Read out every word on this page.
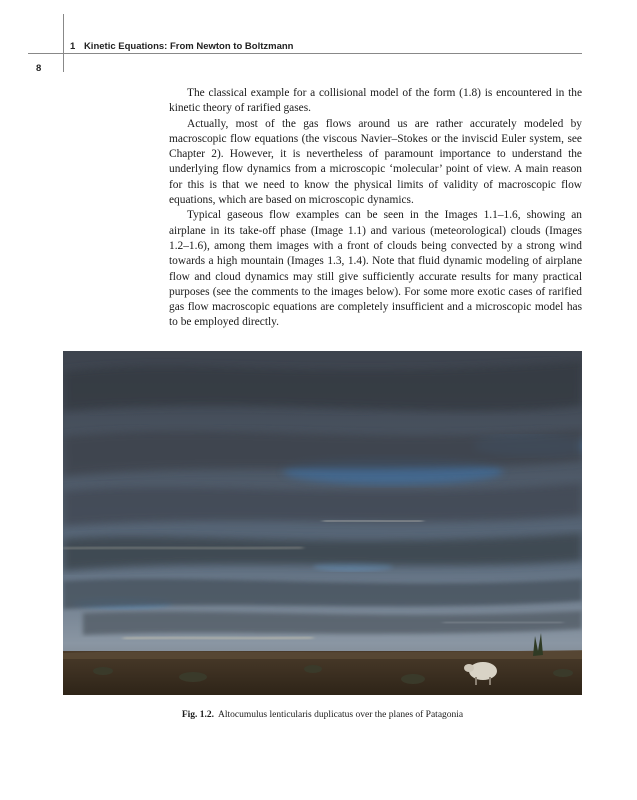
1 Kinetic Equations: From Newton to Boltzmann
8

The classical example for a collisional model of the form (1.8) is encountered in the kinetic theory of rarified gases.

Actually, most of the gas flows around us are rather accurately modeled by macroscopic flow equations (the viscous Navier–Stokes or the inviscid Euler system, see Chapter 2). However, it is nevertheless of paramount importance to understand the underlying flow dynamics from a microscopic ‘molecular’ point of view. A main reason for this is that we need to know the physical limits of validity of macroscopic flow equations, which are based on microscopic dynamics.

Typical gaseous flow examples can be seen in the Images 1.1–1.6, showing an airplane in its take-off phase (Image 1.1) and various (meteorological) clouds (Images 1.2–1.6), among them images with a front of clouds being convected by a strong wind towards a high mountain (Images 1.3, 1.4). Note that fluid dynamic modeling of airplane flow and cloud dynamics may still give sufficiently accurate results for many practical purposes (see the comments to the images below). For some more exotic cases of rarified gas flow macroscopic equations are completely insufficient and a microscopic model has to be employed directly.

Fig. 1.2. Altocumulus lenticularis duplicatus over the planes of Patagonia
